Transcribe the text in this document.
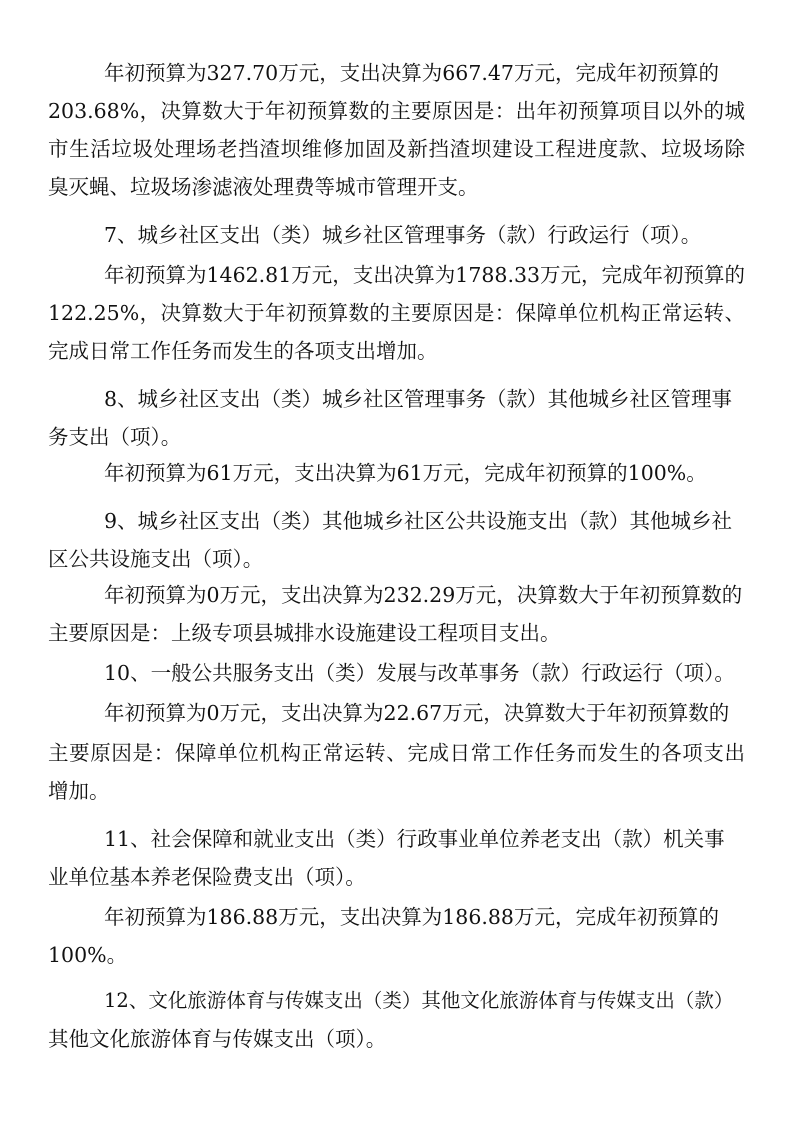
年初预算为327.70万元，支出决算为667.47万元，完成年初预算的

203.68%，决算数大于年初预算数的主要原因是：出年初预算项目以外的城

市生活垃圾处理场老挡渣坝维修加固及新挡渣坝建设工程进度款、垃圾场除

臭灭蝇、垃圾场渗滤液处理费等城市管理开支。

7、城乡社区支出（类）城乡社区管理事务（款）行政运行（项）。

年初预算为1462.81万元，支出决算为1788.33万元，完成年初预算的

122.25%，决算数大于年初预算数的主要原因是：保障单位机构正常运转、

完成日常工作任务而发生的各项支出增加。

8、城乡社区支出（类）城乡社区管理事务（款）其他城乡社区管理事

务支出（项）。

年初预算为61万元，支出决算为61万元，完成年初预算的100%。

9、城乡社区支出（类）其他城乡社区公共设施支出（款）其他城乡社

区公共设施支出（项）。

年初预算为0万元，支出决算为232.29万元，决算数大于年初预算数的

主要原因是：上级专项县城排水设施建设工程项目支出。

10、一般公共服务支出（类）发展与改革事务（款）行政运行（项）。

年初预算为0万元，支出决算为22.67万元，决算数大于年初预算数的

主要原因是：保障单位机构正常运转、完成日常工作任务而发生的各项支出

增加。

11、社会保障和就业支出（类）行政事业单位养老支出（款）机关事

业单位基本养老保险费支出（项）。

年初预算为186.88万元，支出决算为186.88万元，完成年初预算的

100%。

12、文化旅游体育与传媒支出（类）其他文化旅游体育与传媒支出（款）

其他文化旅游体育与传媒支出（项）。
